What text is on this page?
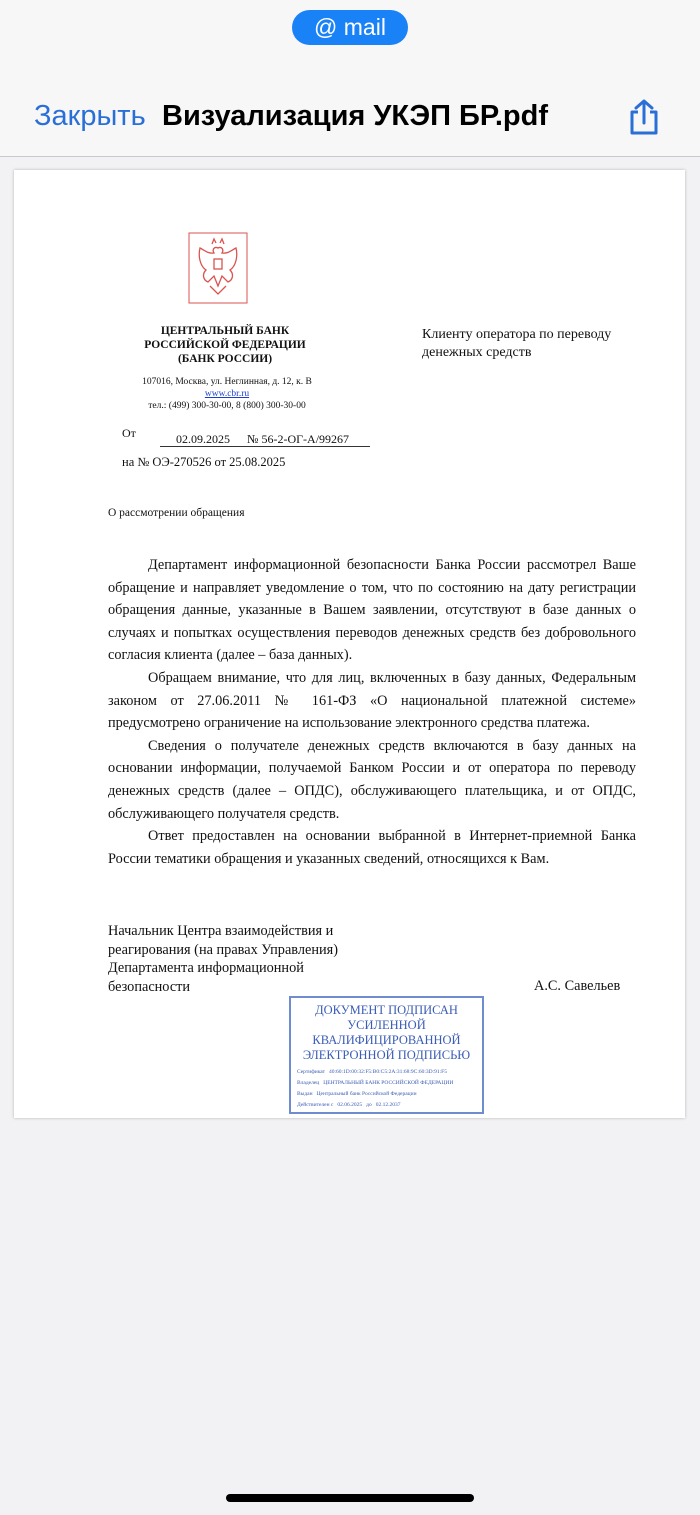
@ mail
Закрыть Визуализация УКЭП БР.pdf
ЦЕНТРАЛЬНЫЙ БАНК
РОССИЙСКОЙ ФЕДЕРАЦИИ
(БАНК РОССИИ)
107016, Москва, ул. Неглинная, д. 12, к. В
www.cbr.ru
тел.: (499) 300-30-00, 8 (800) 300-30-00
Клиенту оператора по переводу денежных средств
От	02.09.2025 № 56-2-ОГ-А/99267
на № ОЭ-270526 от 25.08.2025
О рассмотрении обращения

Департамент информационной безопасности Банка России рассмотрел Ваше обращение и направляет уведомление о том, что по состоянию на дату регистрации обращения данные, указанные в Вашем заявлении, отсутствуют в базе данных о случаях и попытках осуществления переводов денежных средств без добровольного согласия клиента (далее – база данных).

Обращаем внимание, что для лиц, включенных в базу данных, Федеральным законом от 27.06.2011 № 161-ФЗ «О национальной платежной системе» предусмотрено ограничение на использование электронного средства платежа.

Сведения о получателе денежных средств включаются в базу данных на основании информации, получаемой Банком России и от оператора по переводу денежных средств (далее – ОПДС), обслуживающего плательщика, и от ОПДС, обслуживающего получателя средств.

Ответ предоставлен на основании выбранной в Интернет-приемной Банка России тематики обращения и указанных сведений, относящихся к Вам.

Начальник Центра взаимодействия и
реагирования (на правах Управления)
Департамента информационной
безопасности	А.С. Савельев
ДОКУМЕНТ ПОДПИСАН
УСИЛЕННОЙ
КВАЛИФИЦИРОВАННОЙ
ЭЛЕКТРОННОЙ ПОДПИСЬЮ
Сертификат 40:60:1D:00:32:F5:B0:C5:2A:31:68:9C:60:3D:91:F5
Владелец ЦЕНТРАЛЬНЫЙ БАНК РОССИЙСКОЙ ФЕДЕРАЦИИ
Выдан Центральный банк Российской Федерации
Действителен с 02.06.2025 до 02.12.2037
